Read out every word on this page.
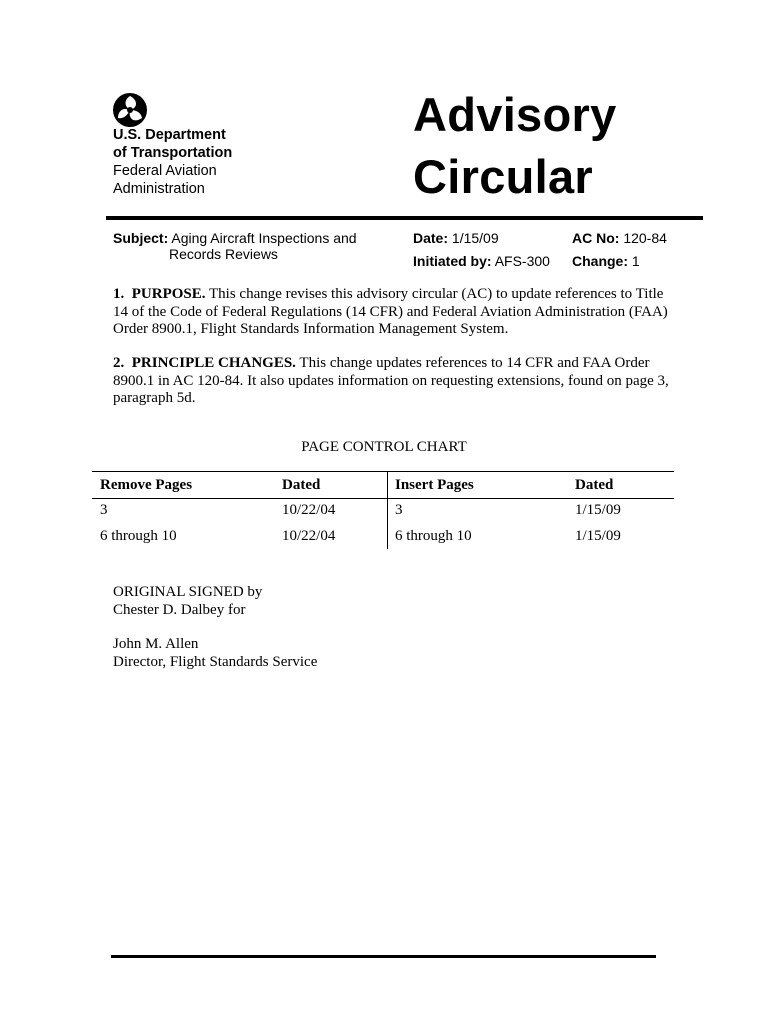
U.S. Department
of Transportation
Federal Aviation
Administration
Advisory
Circular
Subject: Aging Aircraft Inspections and
Records Reviews
Date: 1/15/09	AC No: 120-84
Initiated by: AFS-300 Change: 1
1. PURPOSE. This change revises this advisory circular (AC) to update references to Title 14 of the Code of Federal Regulations (14 CFR) and Federal Aviation Administration (FAA) Order 8900.1, Flight Standards Information Management System.
2. PRINCIPLE CHANGES. This change updates references to 14 CFR and FAA Order 8900.1 in AC 120-84. It also updates information on requesting extensions, found on page 3, paragraph 5d.
PAGE CONTROL CHART
Remove Pages	Dated	Insert Pages	Dated
3	10/22/04	3	1/15/09
6 through 10	10/22/04	6 through 10	1/15/09
ORIGINAL SIGNED by
Chester D. Dalbey for
John M. Allen
Director, Flight Standards Service
